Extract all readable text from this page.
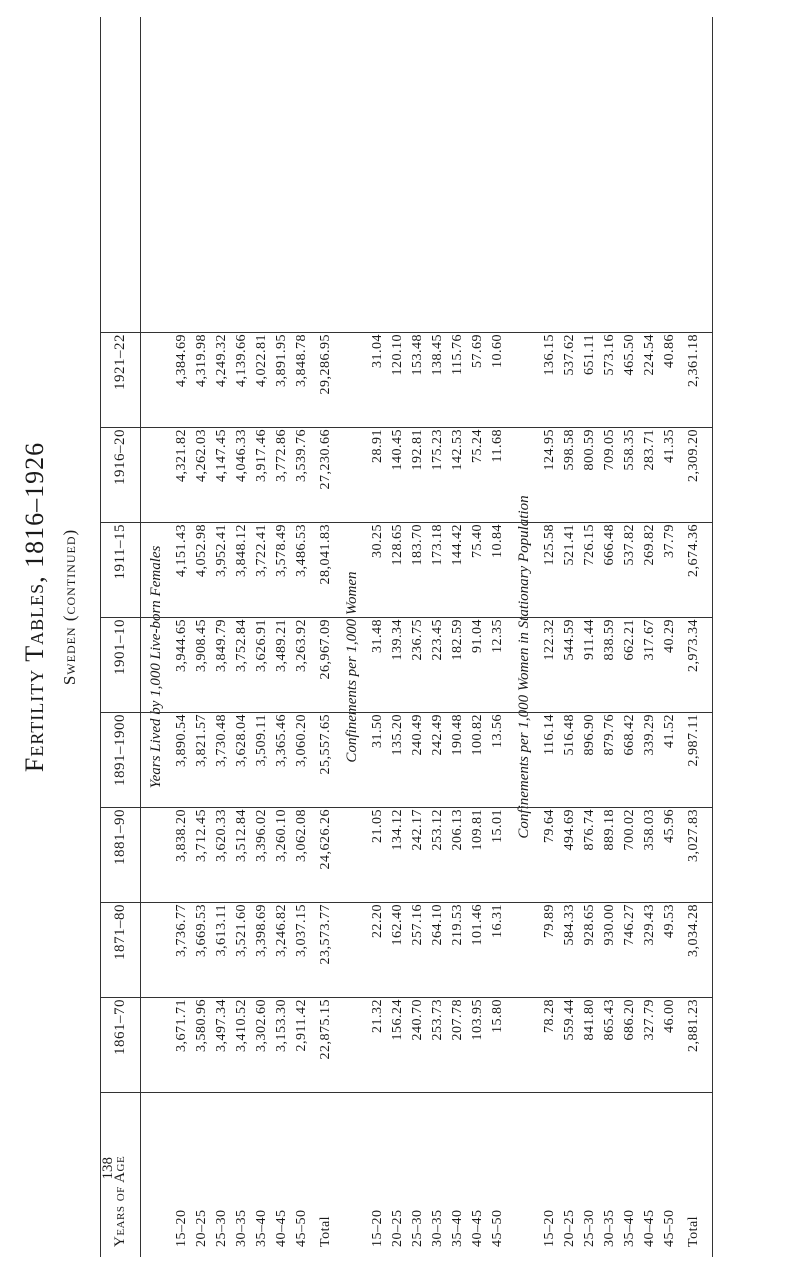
Fertility Tables, 1816–1926 Sweden (continued)
138
Years of Age
1861–70
1871–80
1881–90
1891–1900
1901–10
1911–15
1916–20
1921–22
Years Lived by 1,000 Live-born Females
15–20
3,671.71
3,736.77
3,838.20
3,890.54
3,944.65
4,151.43
4,321.82
4,384.69
20–25
3,580.96
3,669.53
3,712.45
3,821.57
3,908.45
4,052.98
4,262.03
4,319.98
25–30
3,497.34
3,613.11
3,620.33
3,730.48
3,849.79
3,952.41
4,147.45
4,249.32
30–35
3,410.52
3,521.60
3,512.84
3,628.04
3,752.84
3,848.12
4,046.33
4,139.66
35–40
3,302.60
3,398.69
3,396.02
3,509.11
3,626.91
3,722.41
3,917.46
4,022.81
40–45
3,153.30
3,246.82
3,260.10
3,365.46
3,489.21
3,578.49
3,772.86
3,891.95
45–50
2,911.42
3,037.15
3,062.08
3,060.20
3,263.92
3,486.53
3,539.76
3,848.78
Total
22,875.15
23,573.77
24,626.26
25,557.65
26,967.09
28,041.83
27,230.66
29,286.95
Confinements per 1,000 Women
15–20
21.32
22.20
21.05
31.50
31.48
30.25
28.91
31.04
20–25
156.24
162.40
134.12
135.20
139.34
128.65
140.45
120.10
25–30
240.70
257.16
242.17
240.49
236.75
183.70
192.81
153.48
30–35
253.73
264.10
253.12
242.49
223.45
173.18
175.23
138.45
35–40
207.78
219.53
206.13
190.48
182.59
144.42
142.53
115.76
40–45
103.95
101.46
109.81
100.82
91.04
75.40
75.24
57.69
45–50
15.80
16.31
15.01
13.56
12.35
10.84
11.68
10.60
Confinements per 1,000 Women in Stationary Population
15–20
78.28
79.89
79.64
116.14
122.32
125.58
124.95
136.15
20–25
559.44
584.33
494.69
516.48
544.59
521.41
598.58
537.62
25–30
841.80
928.65
876.74
896.90
911.44
726.15
800.59
651.11
30–35
865.43
930.00
889.18
879.76
838.59
666.48
709.05
573.16
35–40
686.20
746.27
700.02
668.42
662.21
537.82
558.35
465.50
40–45
327.79
329.43
358.03
339.29
317.67
269.82
283.71
224.54
45–50
46.00
49.53
45.96
41.52
40.29
37.79
41.35
40.86
Total
2,881.23
3,034.28
3,027.83
2,987.11
2,973.34
2,674.36
2,309.20
2,361.18
